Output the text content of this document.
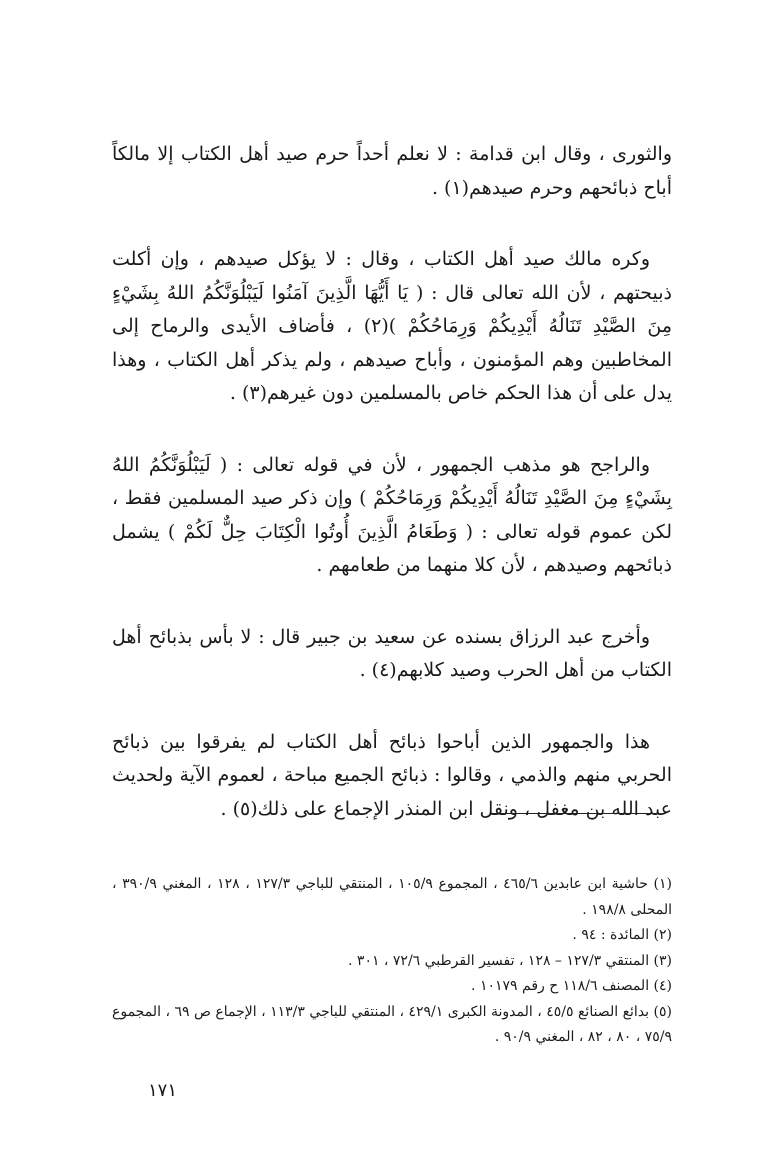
والثورى ، وقال ابن قدامة : لا نعلم أحداً حرم صيد أهل الكتاب إلا مالكاً أباح ذبائحهم وحرم صيدهم(١) .

وكره مالك صيد أهل الكتاب ، وقال : لا يؤكل صيدهم ، وإن أكلت ذبيحتهم ، لأن الله تعالى قال : ( يَا أَيُّهَا الَّذِينَ آمَنُوا لَيَبْلُوَنَّكُمُ اللهُ بِشَيْءٍ مِنَ الصَّيْدِ تَنَالُهُ أَيْدِيكُمْ وَرِمَاحُكُمْ )(٢) ، فأضاف الأيدى والرماح إلى المخاطبين وهم المؤمنون ، وأباح صيدهم ، ولم يذكر أهل الكتاب ، وهذا يدل على أن هذا الحكم خاص بالمسلمين دون غيرهم(٣) .

والراجح هو مذهب الجمهور ، لأن في قوله تعالى : ( لَيَبْلُوَنَّكُمُ اللهُ بِشَيْءٍ مِنَ الصَّيْدِ تَنَالُهُ أَيْدِيكُمْ وَرِمَاحُكُمْ ) وإن ذكر صيد المسلمين فقط ، لكن عموم قوله تعالى : ( وَطَعَامُ الَّذِينَ أُوتُوا الْكِتَابَ حِلٌّ لَكُمْ ) يشمل ذبائحهم وصيدهم ، لأن كلا منهما من طعامهم .

وأخرج عبد الرزاق بسنده عن سعيد بن جبير قال : لا بأس بذبائح أهل الكتاب من أهل الحرب وصيد كلابهم(٤) .

هذا والجمهور الذين أباحوا ذبائح أهل الكتاب لم يفرقوا بين ذبائح الحربي منهم والذمي ، وقالوا : ذبائح الجميع مباحة ، لعموم الآية ولحديث عبد الله بن مغفل ، ونقل ابن المنذر الإجماع على ذلك(٥) .

(١) حاشية ابن عابدين ٤٦٥/٦ ، المجموع ١٠٥/٩ ، المنتقي للباجي ١٢٧/٣ ، ١٢٨ ، المغني ٣٩٠/٩ ، المحلى ١٩٨/٨ .

(٢) المائدة : ٩٤ .

(٣) المنتقي ١٢٧/٣ – ١٢٨ ، تفسير القرطبي ٧٢/٦ ، ٣٠١ .

(٤) المصنف ١١٨/٦ ح رقم ١٠١٧٩ .

(٥) بدائع الصنائع ٤٥/٥ ، المدونة الكبرى ٤٢٩/١ ، المنتقي للباجي ١١٣/٣ ، الإجماع ص ٦٩ ، المجموع ٧٥/٩ ، ٨٠ ، ٨٢ ، المغني ٩٠/٩ .

١٧١
